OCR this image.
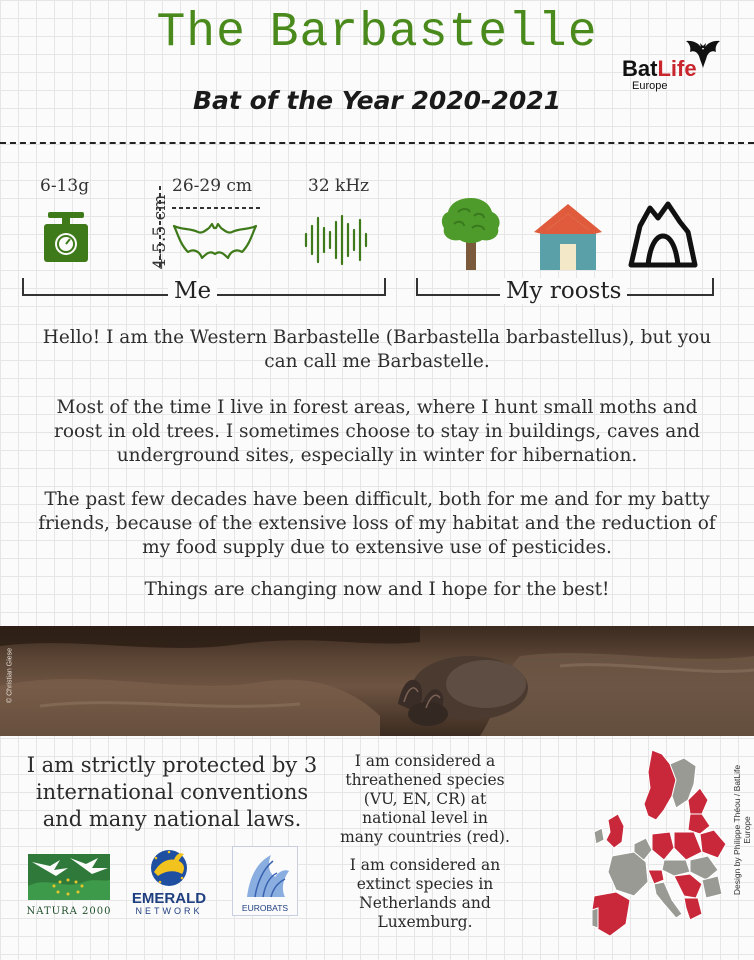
The Barbastelle
Bat of the Year 2020-2021
BatLife
Europe
6-13g
4-5.5 cm
26-29 cm	32 kHz
Me	My roosts
Hello! I am the Western Barbastelle (Barbastella barbastellus), but you can call me Barbastelle.
Most of the time I live in forest areas, where I hunt small moths and roost in old trees. I sometimes choose to stay in buildings, caves and underground sites, especially in winter for hibernation.
The past few decades have been difficult, both for me and for my batty friends, because of the extensive loss of my habitat and the reduction of my food supply due to extensive use of pesticides.
Things are changing now and I hope for the best!
© Christian Giese
I am strictly protected by 3 international conventions and many national laws.
NATURA 2000
EMERALD
NETWORK	EUROBATS
I am considered a threathened species (VU, EN, CR) at national level in many countries (red).
I am considered an extinct species in Netherlands and Luxemburg.
Design by Philippe Théou / BatLife Europe
